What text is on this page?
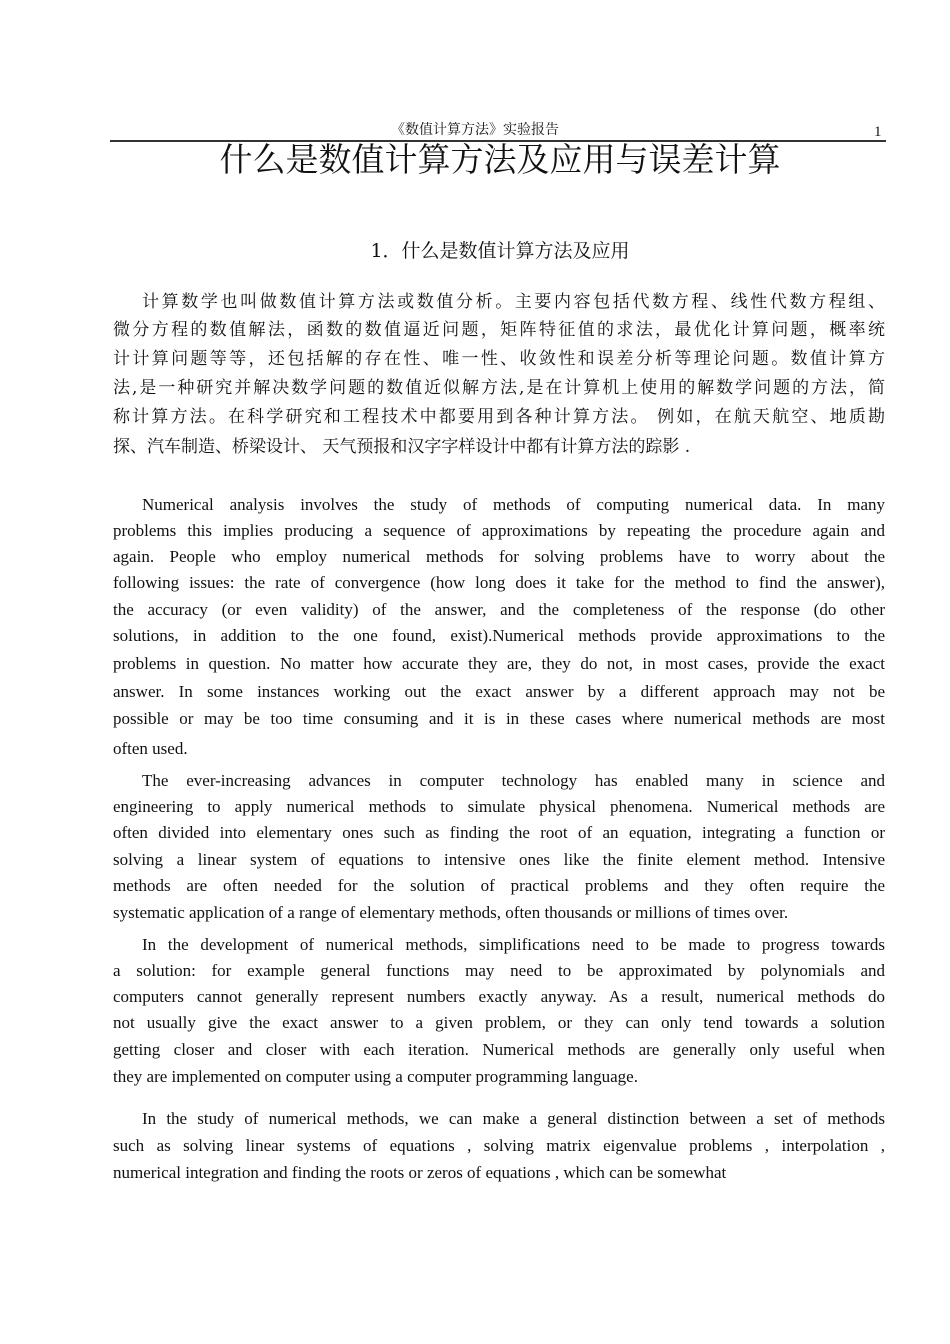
《数值计算方法》实验报告	1
什么是数值计算方法及应用与误差计算
1．什么是数值计算方法及应用
计算数学也叫做数值计算方法或数值分析。主要内容包括代数方程、线性代数方程组、
微分方程的数值解法，函数的数值逼近问题，矩阵特征值的求法，最优化计算问题，概率统
计计算问题等等，还包括解的存在性、唯一性、收敛性和误差分析等理论问题。数值计算方
法,是一种研究并解决数学问题的数值近似解方法,是在计算机上使用的解数学问题的方法，简
称计算方法。在科学研究和工程技术中都要用到各种计算方法。 例如，在航天航空、地质勘
探、汽车制造、桥梁设计、 天气预报和汉字字样设计中都有计算方法的踪影 .
Numerical analysis involves the study of methods of computing numerical data. In many
problems this implies producing a sequence of approximations by repeating the procedure again and
again. People who employ numerical methods for solving problems have to worry about the
following issues: the rate of convergence (how long does it take for the method to find the answer),
the accuracy (or even validity) of the answer, and the completeness of the response (do other
solutions, in addition to the one found, exist).Numerical methods provide approximations to the
problems in question. No matter how accurate they are, they do not, in most cases, provide the exact
answer. In some instances working out the exact answer by a different approach may not be
possible or may be too time consuming and it is in these cases where numerical methods are most
often used.
The ever-increasing advances in computer technology has enabled many in science and
engineering to apply numerical methods to simulate physical phenomena. Numerical methods are
often divided into elementary ones such as finding the root of an equation, integrating a function or
solving a linear system of equations to intensive ones like the finite element method. Intensive
methods are often needed for the solution of practical problems and they often require the
systematic application of a range of elementary methods, often thousands or millions of times over.
In the development of numerical methods, simplifications need to be made to progress towards
a solution: for example general functions may need to be approximated by polynomials and
computers cannot generally represent numbers exactly anyway. As a result, numerical methods do
not usually give the exact answer to a given problem, or they can only tend towards a solution
getting closer and closer with each iteration. Numerical methods are generally only useful when
they are implemented on computer using a computer programming language.
In the study of numerical methods, we can make a general distinction between a set of methods
such as solving linear systems of equations , solving matrix eigenvalue problems , interpolation ,
numerical integration and finding the roots or zeros of equations , which can be somewhat
